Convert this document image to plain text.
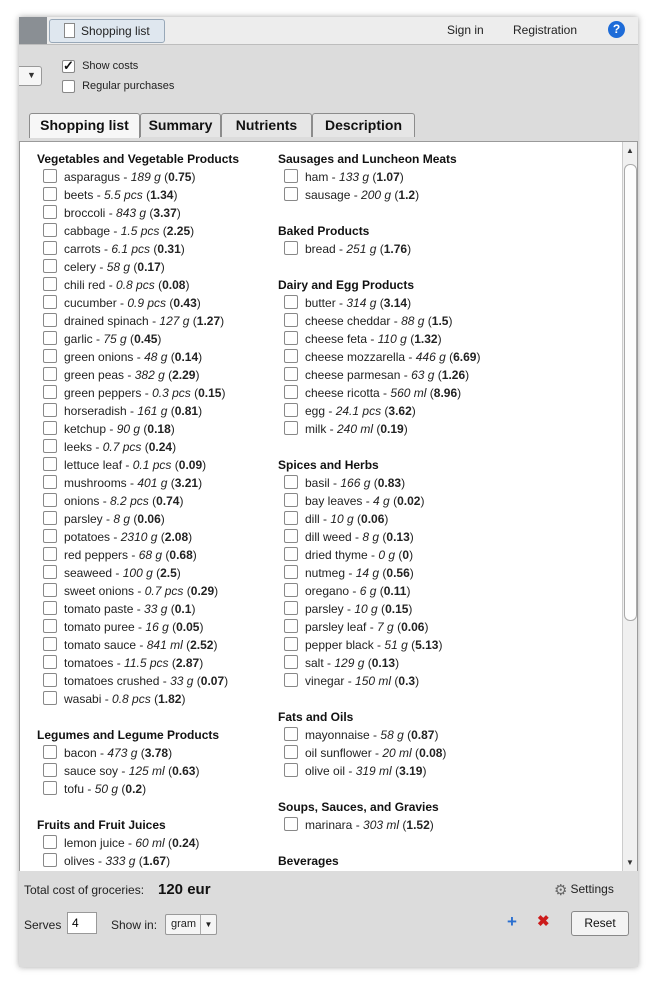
Shopping list	Sign in Registration	?
▼
✓ Show costs
Regular purchases
Shopping list	Summary	Nutrients	Description
Vegetables and Vegetable Products
asparagus - 189 g (0.75)
beets - 5.5 pcs (1.34)
broccoli - 843 g (3.37)
cabbage - 1.5 pcs (2.25)
carrots - 6.1 pcs (0.31)
celery - 58 g (0.17)
chili red - 0.8 pcs (0.08)
cucumber - 0.9 pcs (0.43)
drained spinach - 127 g (1.27)
garlic - 75 g (0.45)
green onions - 48 g (0.14)
green peas - 382 g (2.29)
green peppers - 0.3 pcs (0.15)
horseradish - 161 g (0.81)
ketchup - 90 g (0.18)
leeks - 0.7 pcs (0.24)
lettuce leaf - 0.1 pcs (0.09)
mushrooms - 401 g (3.21)
onions - 8.2 pcs (0.74)
parsley - 8 g (0.06)
potatoes - 2310 g (2.08)
red peppers - 68 g (0.68)
seaweed - 100 g (2.5)
sweet onions - 0.7 pcs (0.29)
tomato paste - 33 g (0.1)
tomato puree - 16 g (0.05)
tomato sauce - 841 ml (2.52)
tomatoes - 11.5 pcs (2.87)
tomatoes crushed - 33 g (0.07)
wasabi - 0.8 pcs (1.82)
Legumes and Legume Products
bacon - 473 g (3.78)
sauce soy - 125 ml (0.63)
tofu - 50 g (0.2)
Fruits and Fruit Juices
lemon juice - 60 ml (0.24)
olives - 333 g (1.67)
Sausages and Luncheon Meats
ham - 133 g (1.07)
sausage - 200 g (1.2)
Baked Products
bread - 251 g (1.76)
Dairy and Egg Products
butter - 314 g (3.14)
cheese cheddar - 88 g (1.5)
cheese feta - 110 g (1.32)
cheese mozzarella - 446 g (6.69)
cheese parmesan - 63 g (1.26)
cheese ricotta - 560 ml (8.96)
egg - 24.1 pcs (3.62)
milk - 240 ml (0.19)
Spices and Herbs
basil - 166 g (0.83)
bay leaves - 4 g (0.02)
dill - 10 g (0.06)
dill weed - 8 g (0.13)
dried thyme - 0 g (0)
nutmeg - 14 g (0.56)
oregano - 6 g (0.11)
parsley - 10 g (0.15)
parsley leaf - 7 g (0.06)
pepper black - 51 g (5.13)
salt - 129 g (0.13)
vinegar - 150 ml (0.3)
Fats and Oils
mayonnaise - 58 g (0.87)
oil sunflower - 20 ml (0.08)
olive oil - 319 ml (3.19)
Soups, Sauces, and Gravies
marinara - 303 ml (1.52)
Beverages
▲
▼
Total cost of groceries: 120 eur	⚙ Settings
Serves
4	Show in: gram	▼	+ ✖	Reset
